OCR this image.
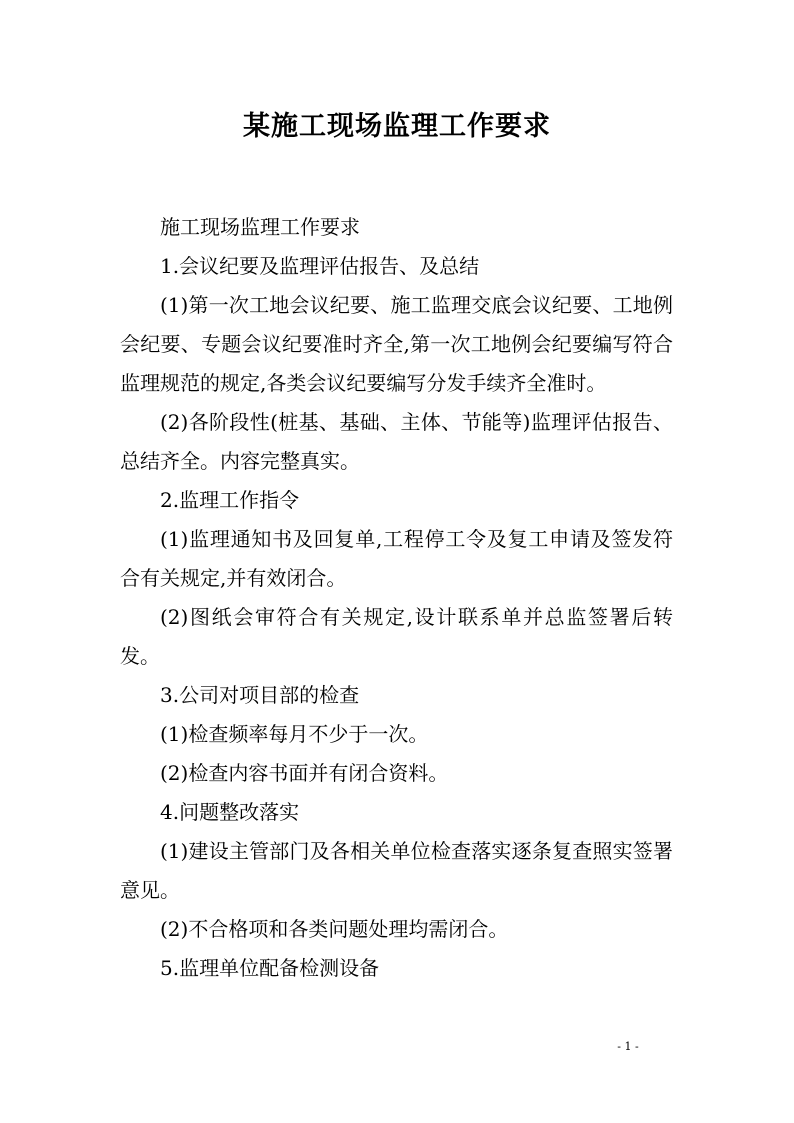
某施工现场监理工作要求

施工现场监理工作要求

1.会议纪要及监理评估报告、及总结

(1)第一次工地会议纪要、施工监理交底会议纪要、工地例会纪要、专题会议纪要准时齐全,第一次工地例会纪要编写符合监理规范的规定,各类会议纪要编写分发手续齐全准时。

(2)各阶段性(桩基、基础、主体、节能等)监理评估报告、总结齐全。内容完整真实。

2.监理工作指令

(1)监理通知书及回复单,工程停工令及复工申请及签发符合有关规定,并有效闭合。

(2)图纸会审符合有关规定,设计联系单并总监签署后转发。

3.公司对项目部的检查

(1)检查频率每月不少于一次。

(2)检查内容书面并有闭合资料。

4.问题整改落实

(1)建设主管部门及各相关单位检查落实逐条复查照实签署意见。

(2)不合格项和各类问题处理均需闭合。

5.监理单位配备检测设备

- 1 -
